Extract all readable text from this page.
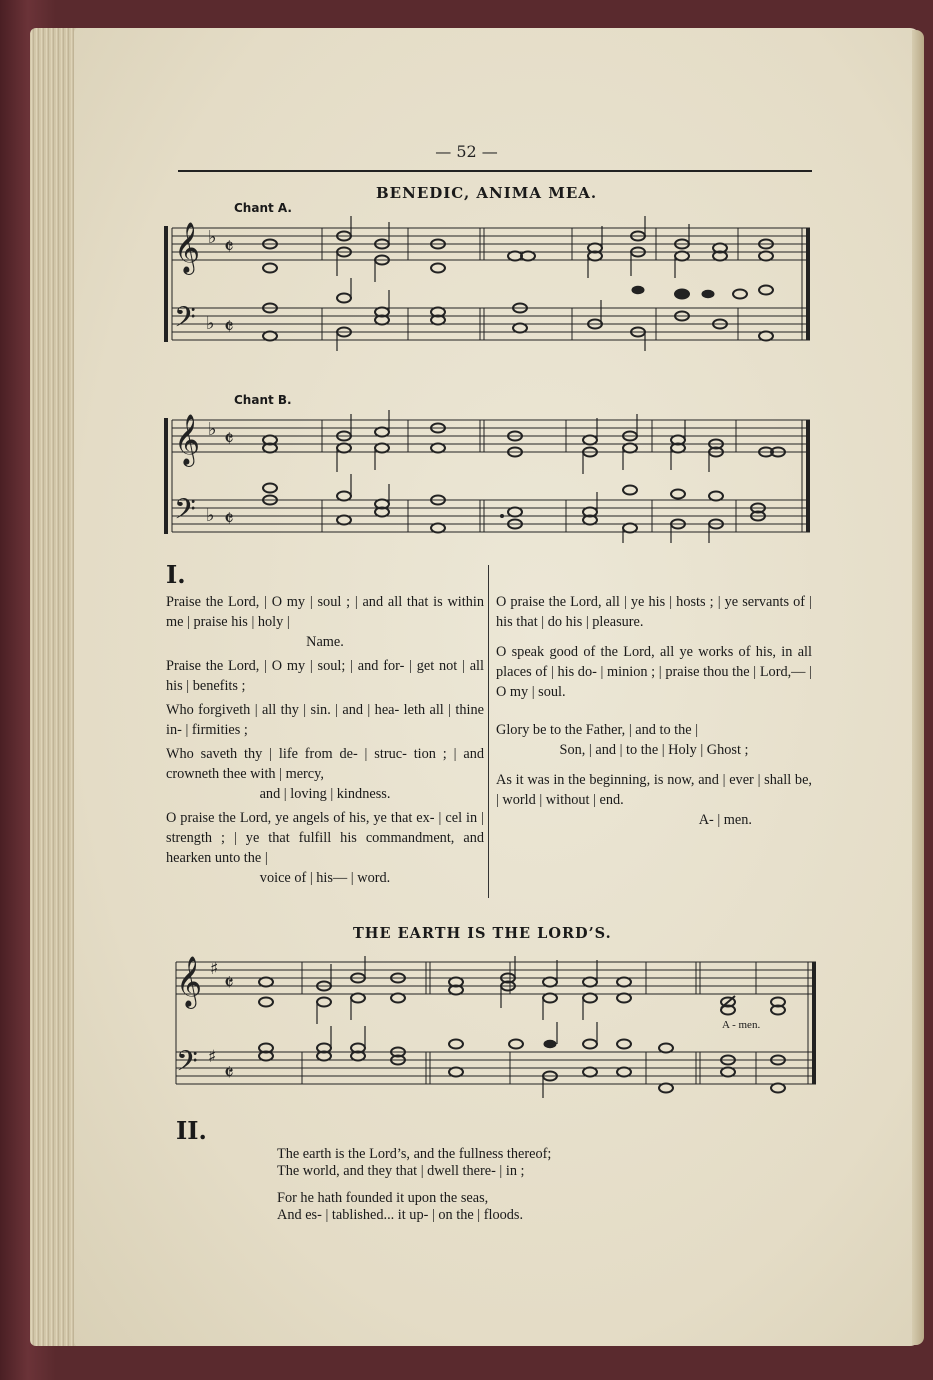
— 52 —
BENEDIC, ANIMA MEA.
Chant A.
𝄞
𝄢
♭
♭
𝄵
𝄵
Chant B.
𝄞
𝄢
♭
♭
𝄵
𝄵
I.

Praise the Lord, | O my | soul ; | and all that is within me | praise his | holy |
Name.

Praise the Lord, | O my | soul; | and for- | get not | all his | benefits ;

Who forgiveth | all thy | sin. | and | hea- leth all | thine in- | firmities ;

Who saveth thy | life from de- | struc- tion ; | and crowneth thee with | mercy,
and | loving | kindness.

O praise the Lord, ye angels of his, ye that ex- | cel in | strength ; | ye that fulfill his commandment, and hearken unto the |
voice of | his— | word.

O praise the Lord, all | ye his | hosts ; | ye servants of | his that | do his | pleasure.

O speak good of the Lord, all ye works of his, in all places of | his do- | minion ; | praise thou the | Lord,— | O my | soul.

Glory be to the Father, | and to the |
Son, | and | to the | Holy | Ghost ;

As it was in the beginning, is now, and | ever | shall be, | world | without | end.
A- | men.

THE EARTH IS THE LORD’S.
𝄞
𝄢
♯
♯
𝄵
𝄵
A - men.
II.
The earth is the Lord’s, and the fullness thereof;
The world, and they that | dwell there- | in ;
For he hath founded it upon the seas,
And es- | tablished... it up- | on the | floods.
